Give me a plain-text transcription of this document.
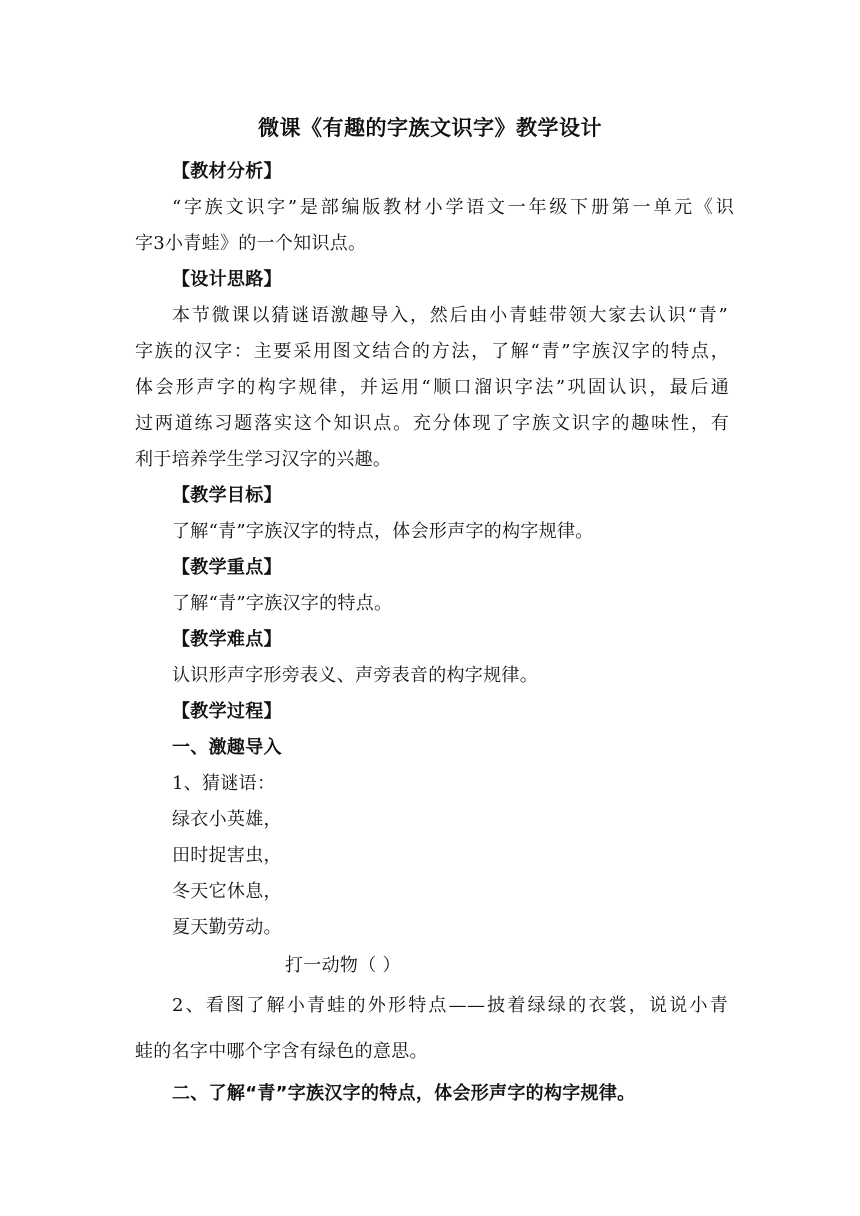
微课《有趣的字族文识字》教学设计
【教材分析】
“字族文识字”是部编版教材小学语文一年级下册第一单元《识
字3小青蛙》的一个知识点。
【设计思路】
本节微课以猜谜语激趣导入，然后由小青蛙带领大家去认识“青”
字族的汉字：主要采用图文结合的方法，了解“青”字族汉字的特点，
体会形声字的构字规律，并运用“顺口溜识字法”巩固认识，最后通
过两道练习题落实这个知识点。充分体现了字族文识字的趣味性，有
利于培养学生学习汉字的兴趣。
【教学目标】
了解“青”字族汉字的特点，体会形声字的构字规律。
【教学重点】
了解“青”字族汉字的特点。
【教学难点】
认识形声字形旁表义、声旁表音的构字规律。
【教学过程】
一、激趣导入
1、猜谜语：
绿衣小英雄，
田时捉害虫，
冬天它休息，
夏天勤劳动。
打一动物（ ）
2、看图了解小青蛙的外形特点——披着绿绿的衣裳，说说小青
蛙的名字中哪个字含有绿色的意思。
二、了解“青”字族汉字的特点，体会形声字的构字规律。
